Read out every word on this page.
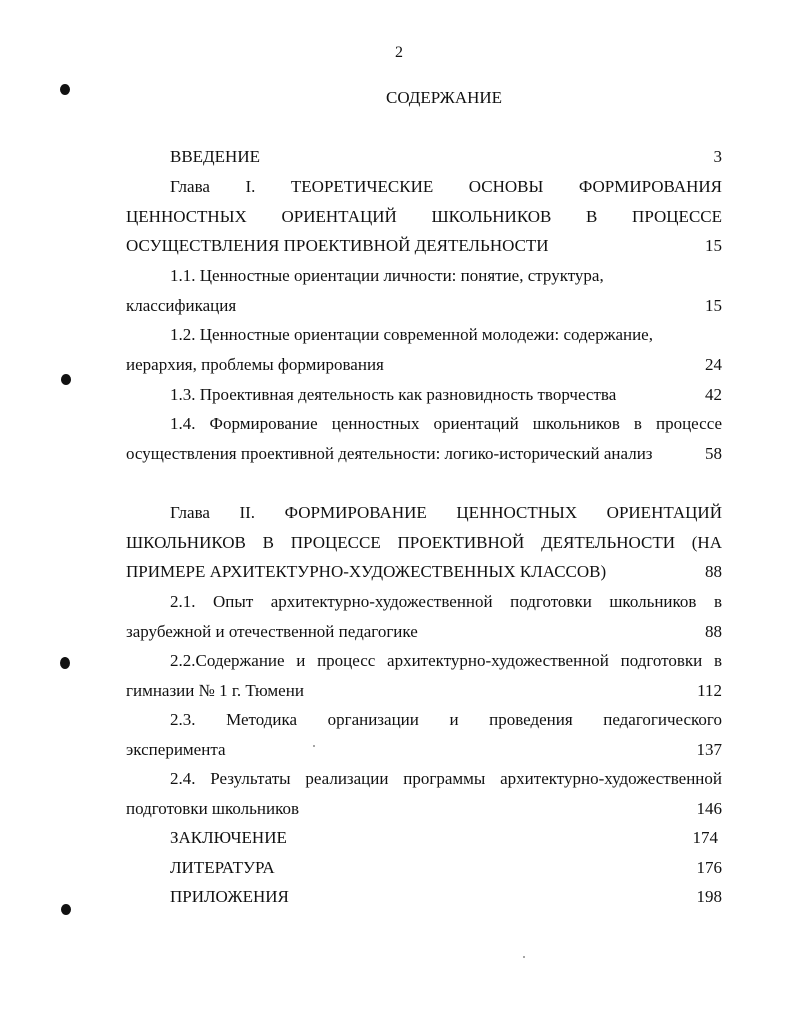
2
СОДЕРЖАНИЕ
ВВЕДЕНИЕ	3
Глава I. ТЕОРЕТИЧЕСКИЕ ОСНОВЫ ФОРМИРОВАНИЯ
ЦЕННОСТНЫХ ОРИЕНТАЦИЙ ШКОЛЬНИКОВ В ПРОЦЕССЕ
ОСУЩЕСТВЛЕНИЯ ПРОЕКТИВНОЙ ДЕЯТЕЛЬНОСТИ	15
1.1. Ценностные ориентации личности: понятие, структура,
классификация	15
1.2. Ценностные ориентации современной молодежи: содержание,
иерархия, проблемы формирования	24
1.3. Проективная деятельность как разновидность творчества	42
1.4. Формирование ценностных ориентаций школьников в процессе
осуществления проективной деятельности: логико-исторический анализ	58
Глава II. ФОРМИРОВАНИЕ ЦЕННОСТНЫХ ОРИЕНТАЦИЙ
ШКОЛЬНИКОВ В ПРОЦЕССЕ ПРОЕКТИВНОЙ ДЕЯТЕЛЬНОСТИ (НА
ПРИМЕРЕ АРХИТЕКТУРНО-ХУДОЖЕСТВЕННЫХ КЛАССОВ)	88
2.1. Опыт архитектурно-художественной подготовки школьников в
зарубежной и отечественной педагогике	88
2.2.Содержание и процесс архитектурно-художественной подготовки в
гимназии № 1 г. Тюмени	112
2.3. Методика организации и проведения педагогического
эксперимента	137
2.4. Результаты реализации программы архитектурно-художественной
подготовки школьников	146
ЗАКЛЮЧЕНИЕ	174
ЛИТЕРАТУРА	176
ПРИЛОЖЕНИЯ	198
